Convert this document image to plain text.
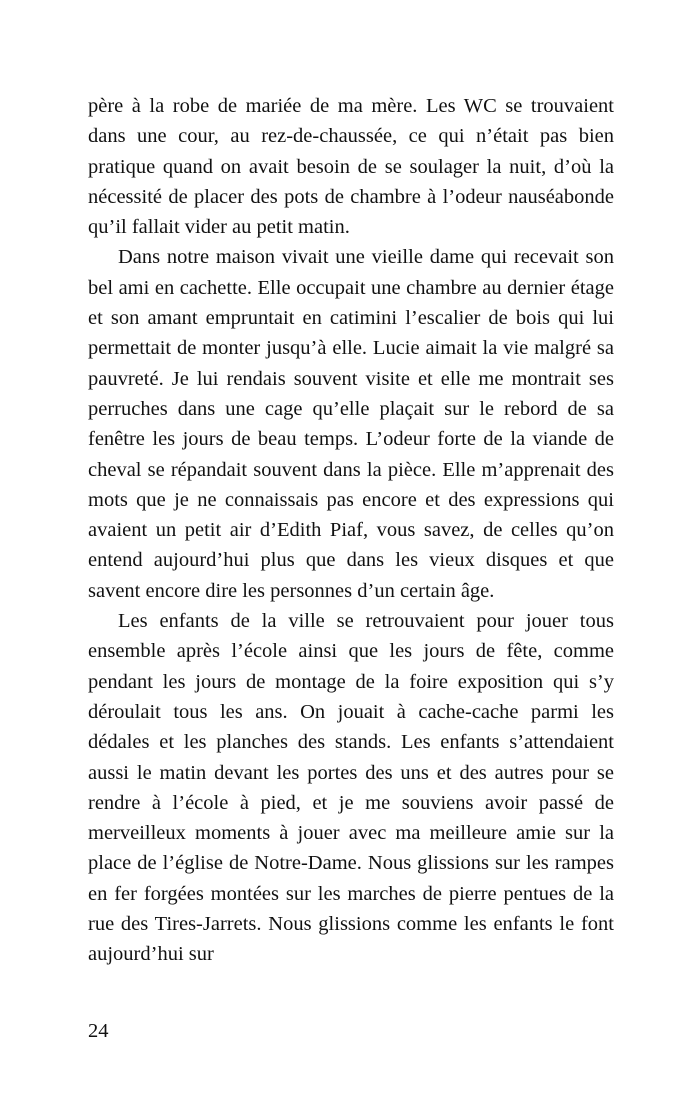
père à la robe de mariée de ma mère. Les WC se trouvaient dans une cour, au rez-de-chaussée, ce qui n’était pas bien pratique quand on avait besoin de se soulager la nuit, d’où la nécessité de placer des pots de chambre à l’odeur nauséabonde qu’il fallait vider au petit matin.

Dans notre maison vivait une vieille dame qui recevait son bel ami en cachette. Elle occupait une chambre au dernier étage et son amant empruntait en catimini l’escalier de bois qui lui permettait de monter jusqu’à elle. Lucie aimait la vie malgré sa pauvreté. Je lui rendais souvent visite et elle me montrait ses perruches dans une cage qu’elle plaçait sur le rebord de sa fenêtre les jours de beau temps. L’odeur forte de la viande de cheval se répandait souvent dans la pièce. Elle m’apprenait des mots que je ne connaissais pas encore et des expressions qui avaient un petit air d’Edith Piaf, vous savez, de celles qu’on entend aujourd’hui plus que dans les vieux disques et que savent encore dire les personnes d’un certain âge.

Les enfants de la ville se retrouvaient pour jouer tous ensemble après l’école ainsi que les jours de fête, comme pendant les jours de montage de la foire exposition qui s’y déroulait tous les ans. On jouait à cache-cache parmi les dédales et les planches des stands. Les enfants s’attendaient aussi le matin devant les portes des uns et des autres pour se rendre à l’école à pied, et je me souviens avoir passé de merveilleux moments à jouer avec ma meilleure amie sur la place de l’église de Notre-Dame. Nous glissions sur les rampes en fer forgées montées sur les marches de pierre pentues de la rue des Tires-Jarrets. Nous glissions comme les enfants le font aujourd’hui sur

24
